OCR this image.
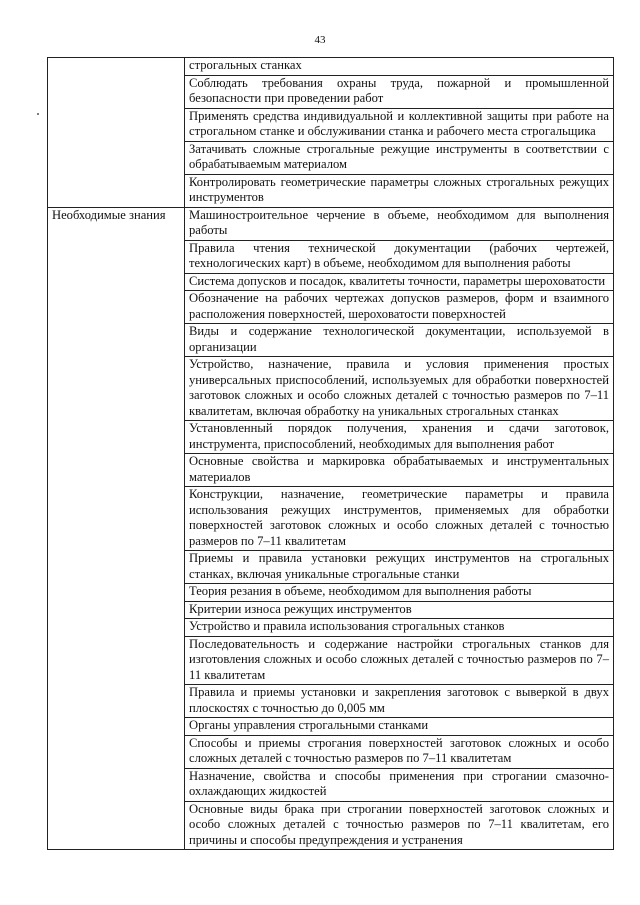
43
	строгальных станках
	Соблюдать требования охраны труда, пожарной и промышленной безопасности при проведении работ
	Применять средства индивидуальной и коллективной защиты при работе на строгальном станке и обслуживании станка и рабочего места строгальщика
	Затачивать сложные строгальные режущие инструменты в соответствии с обрабатываемым материалом
	Контролировать геометрические параметры сложных строгальных режущих инструментов

Необходимые знания	Машиностроительное черчение в объеме, необходимом для выполнения работы
	Правила чтения технической документации (рабочих чертежей, технологических карт) в объеме, необходимом для выполнения работы
	Система допусков и посадок, квалитеты точности, параметры шероховатости
	Обозначение на рабочих чертежах допусков размеров, форм и взаимного расположения поверхностей, шероховатости поверхностей
	Виды и содержание технологической документации, используемой в организации
	Устройство, назначение, правила и условия применения простых универсальных приспособлений, используемых для обработки поверхностей заготовок сложных и особо сложных деталей с точностью размеров по 7–11 квалитетам, включая обработку на уникальных строгальных станках
	Установленный порядок получения, хранения и сдачи заготовок, инструмента, приспособлений, необходимых для выполнения работ
	Основные свойства и маркировка обрабатываемых и инструментальных материалов
	Конструкции, назначение, геометрические параметры и правила использования режущих инструментов, применяемых для обработки поверхностей заготовок сложных и особо сложных деталей с точностью размеров по 7–11 квалитетам
	Приемы и правила установки режущих инструментов на строгальных станках, включая уникальные строгальные станки
	Теория резания в объеме, необходимом для выполнения работы
	Критерии износа режущих инструментов
	Устройство и правила использования строгальных станков
	Последовательность и содержание настройки строгальных станков для изготовления сложных и особо сложных деталей с точностью размеров по 7–11 квалитетам
	Правила и приемы установки и закрепления заготовок с выверкой в двух плоскостях с точностью до 0,005 мм
	Органы управления строгальными станками
	Способы и приемы строгания поверхностей заготовок сложных и особо сложных деталей с точностью размеров по 7–11 квалитетам
	Назначение, свойства и способы применения при строгании смазочно-охлаждающих жидкостей
	Основные виды брака при строгании поверхностей заготовок сложных и особо сложных деталей с точностью размеров по 7–11 квалитетам, его причины и способы предупреждения и устранения
